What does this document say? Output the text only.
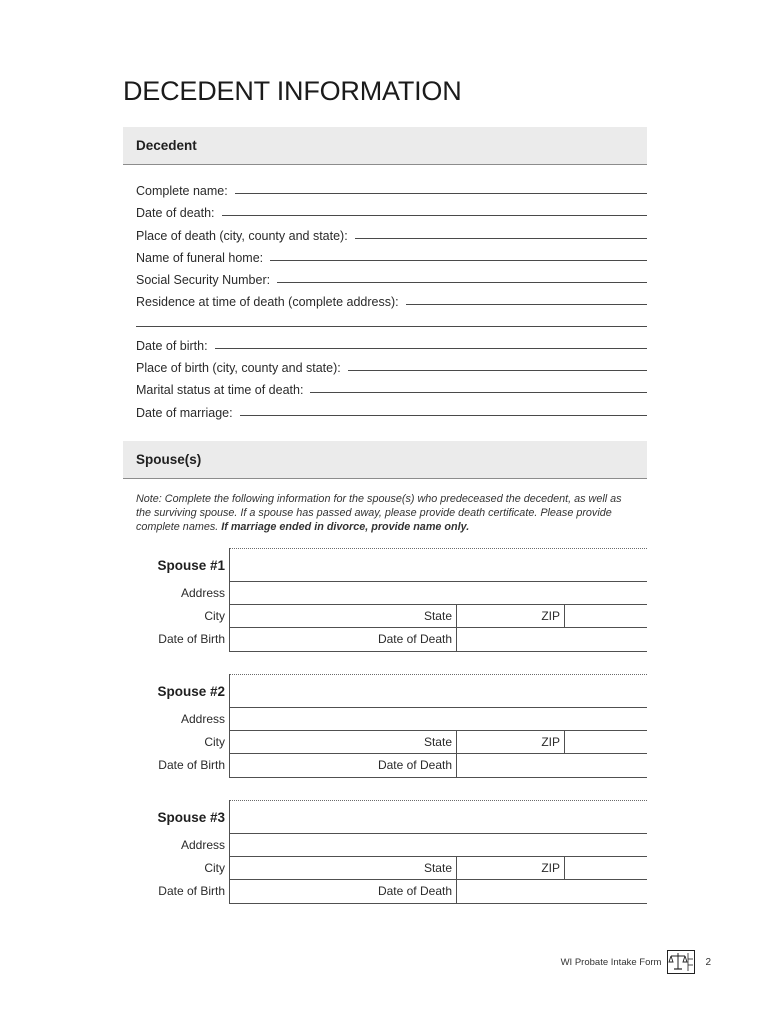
DECEDENT INFORMATION
Decedent
Complete name:
Date of death:
Place of death (city, county and state):
Name of funeral home:
Social Security Number:
Residence at time of death (complete address):
Date of birth:
Place of birth (city, county and state):
Marital status at time of death:
Date of marriage:
Spouse(s)
Note: Complete the following information for the spouse(s) who predeceased the decedent, as well as the surviving spouse. If a spouse has passed away, please provide death certificate. Please provide complete names. If marriage ended in divorce, provide name only.
Spouse #1
Address
City	State	ZIP
Date of Birth	Date of Death
Spouse #2
Address
City	State	ZIP
Date of Birth	Date of Death
Spouse #3
Address
City	State	ZIP
Date of Birth	Date of Death
WI Probate Intake Form	2
